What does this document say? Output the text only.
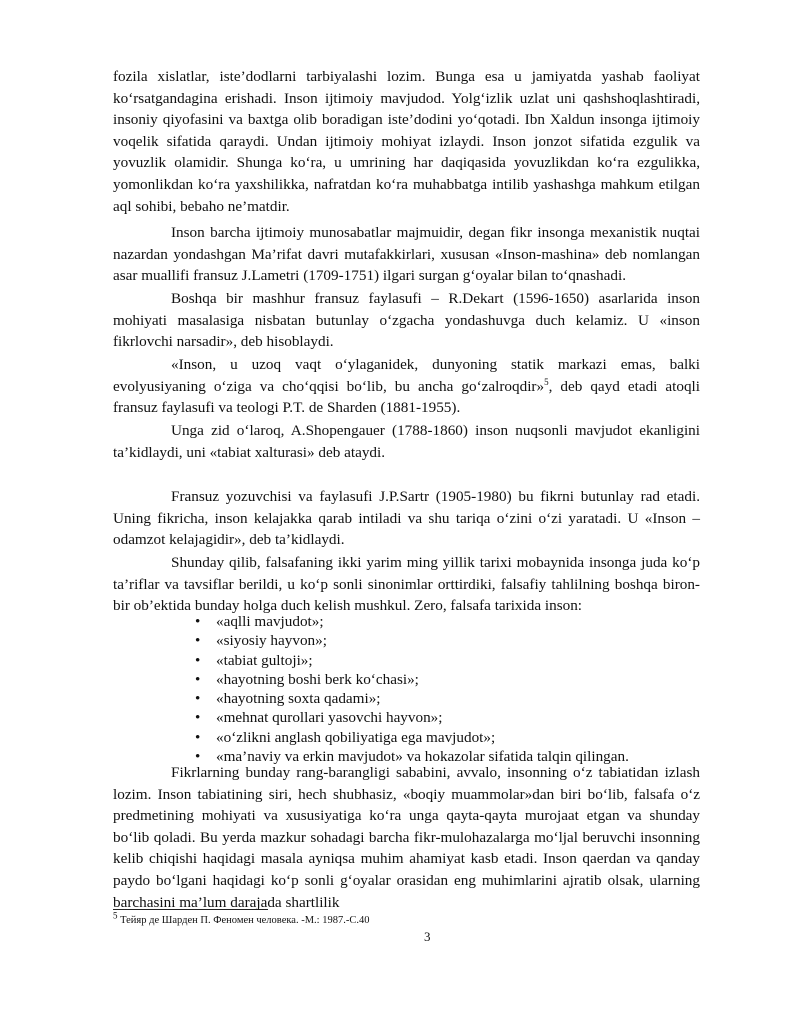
fozila xislatlar, iste’dodlarni tarbiyalashi lozim. Bunga esa u jamiyatda yashab faoliyat ko‘rsatgandagina erishadi. Inson ijtimoiy mavjudod. Yolg‘izlik uzlat uni qashshoqlashtiradi, insoniy qiyofasini va baxtga olib boradigan iste’dodini yo‘qotadi. Ibn Xaldun insonga ijtimoiy voqelik sifatida qaraydi. Undan ijtimoiy mohiyat izlaydi. Inson jonzot sifatida ezgulik va yovuzlik olamidir. Shunga ko‘ra, u umrining har daqiqasida yovuzlikdan ko‘ra ezgulikka, yomonlikdan ko‘ra yaxshilikka, nafratdan ko‘ra muhabbatga intilib yashashga mahkum etilgan aql sohibi, bebaho ne’matdir.

Inson barcha ijtimoiy munosabatlar majmuidir, degan fikr insonga mexanistik nuqtai nazardan yondashgan Ma’rifat davri mutafakkirlari, xususan «Inson-mashina» deb nomlangan asar muallifi fransuz J.Lametri (1709-1751) ilgari surgan g‘oyalar bilan to‘qnashadi.

Boshqa bir mashhur fransuz faylasufi – R.Dekart (1596-1650) asarlarida inson mohiyati masalasiga nisbatan butunlay o‘zgacha yondashuvga duch kelamiz. U «inson fikrlovchi narsadir», deb hisoblaydi.

«Inson, u uzoq vaqt o‘ylaganidek, dunyoning statik markazi emas, balki evolyusiyaning o‘ziga va cho‘qqisi bo‘lib, bu ancha go‘zalroqdir»$^5$, deb qayd etadi atoqli fransuz faylasufi va teologi P.T. de Sharden (1881-1955).

Unga zid o‘laroq, A.Shopengauer (1788-1860) inson nuqsonli mavjudot ekanligini ta’kidlaydi, uni «tabiat xalturasi» deb ataydi.

Fransuz yozuvchisi va faylasufi J.P.Sartr (1905-1980) bu fikrni butunlay rad etadi. Uning fikricha, inson kelajakka qarab intiladi va shu tariqa o‘zini o‘zi yaratadi. U «Inson – odamzot kelajagidir», deb ta’kidlaydi.

Shunday qilib, falsafaning ikki yarim ming yillik tarixi mobaynida insonga juda ko‘p ta’riflar va tavsiflar berildi, u ko‘p sonli sinonimlar orttirdiki, falsafiy tahlilning boshqa biron-bir ob’ektida bunday holga duch kelish mushkul. Zero, falsafa tarixida inson:

• «aqlli mavjudot»;
• «siyosiy hayvon»;
• «tabiat gultoji»;
• «hayotning boshi berk ko‘chasi»;
• «hayotning soxta qadami»;
• «mehnat qurollari yasovchi hayvon»;
• «o‘zlikni anglash qobiliyatiga ega mavjudot»;
• «ma’naviy va erkin mavjudot» va hokazolar sifatida talqin qilingan.

Fikrlarning bunday rang-barangligi sababini, avvalo, insonning o‘z tabiatidan izlash lozim. Inson tabiatining siri, hech shubhasiz, «boqiy muammolar»dan biri bo‘lib, falsafa o‘z predmetining mohiyati va xususiyatiga ko‘ra unga qayta-qayta murojaat etgan va shunday bo‘lib qoladi. Bu yerda mazkur sohadagi barcha fikr-mulohazalarga mo‘ljal beruvchi insonning kelib chiqishi haqidagi masala ayniqsa muhim ahamiyat kasb etadi. Inson qaerdan va qanday paydo bo‘lgani haqidagi ko‘p sonli g‘oyalar orasidan eng muhimlarini ajratib olsak, ularning barchasini ma’lum darajada shartlilik

$^5$ Тейяр де Шарден П. Феномен человека. -М.: 1987.-С.40
3
